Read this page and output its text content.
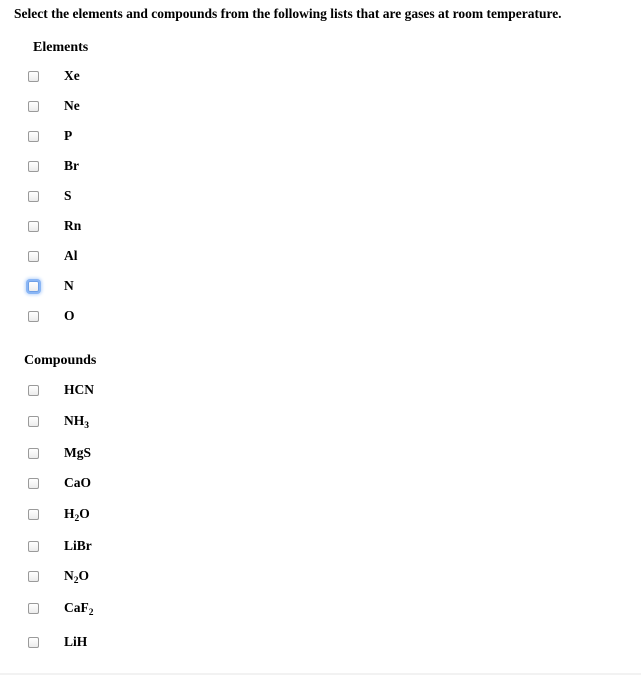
Select the elements and compounds from the following lists that are gases at room temperature.
Elements
Xe
Ne
P
Br
S
Rn
Al
N
O
Compounds
HCN
$NH_3$
MgS
CaO
$H_2O$
LiBr
$N_2O$
CaF$_2$
LiH
